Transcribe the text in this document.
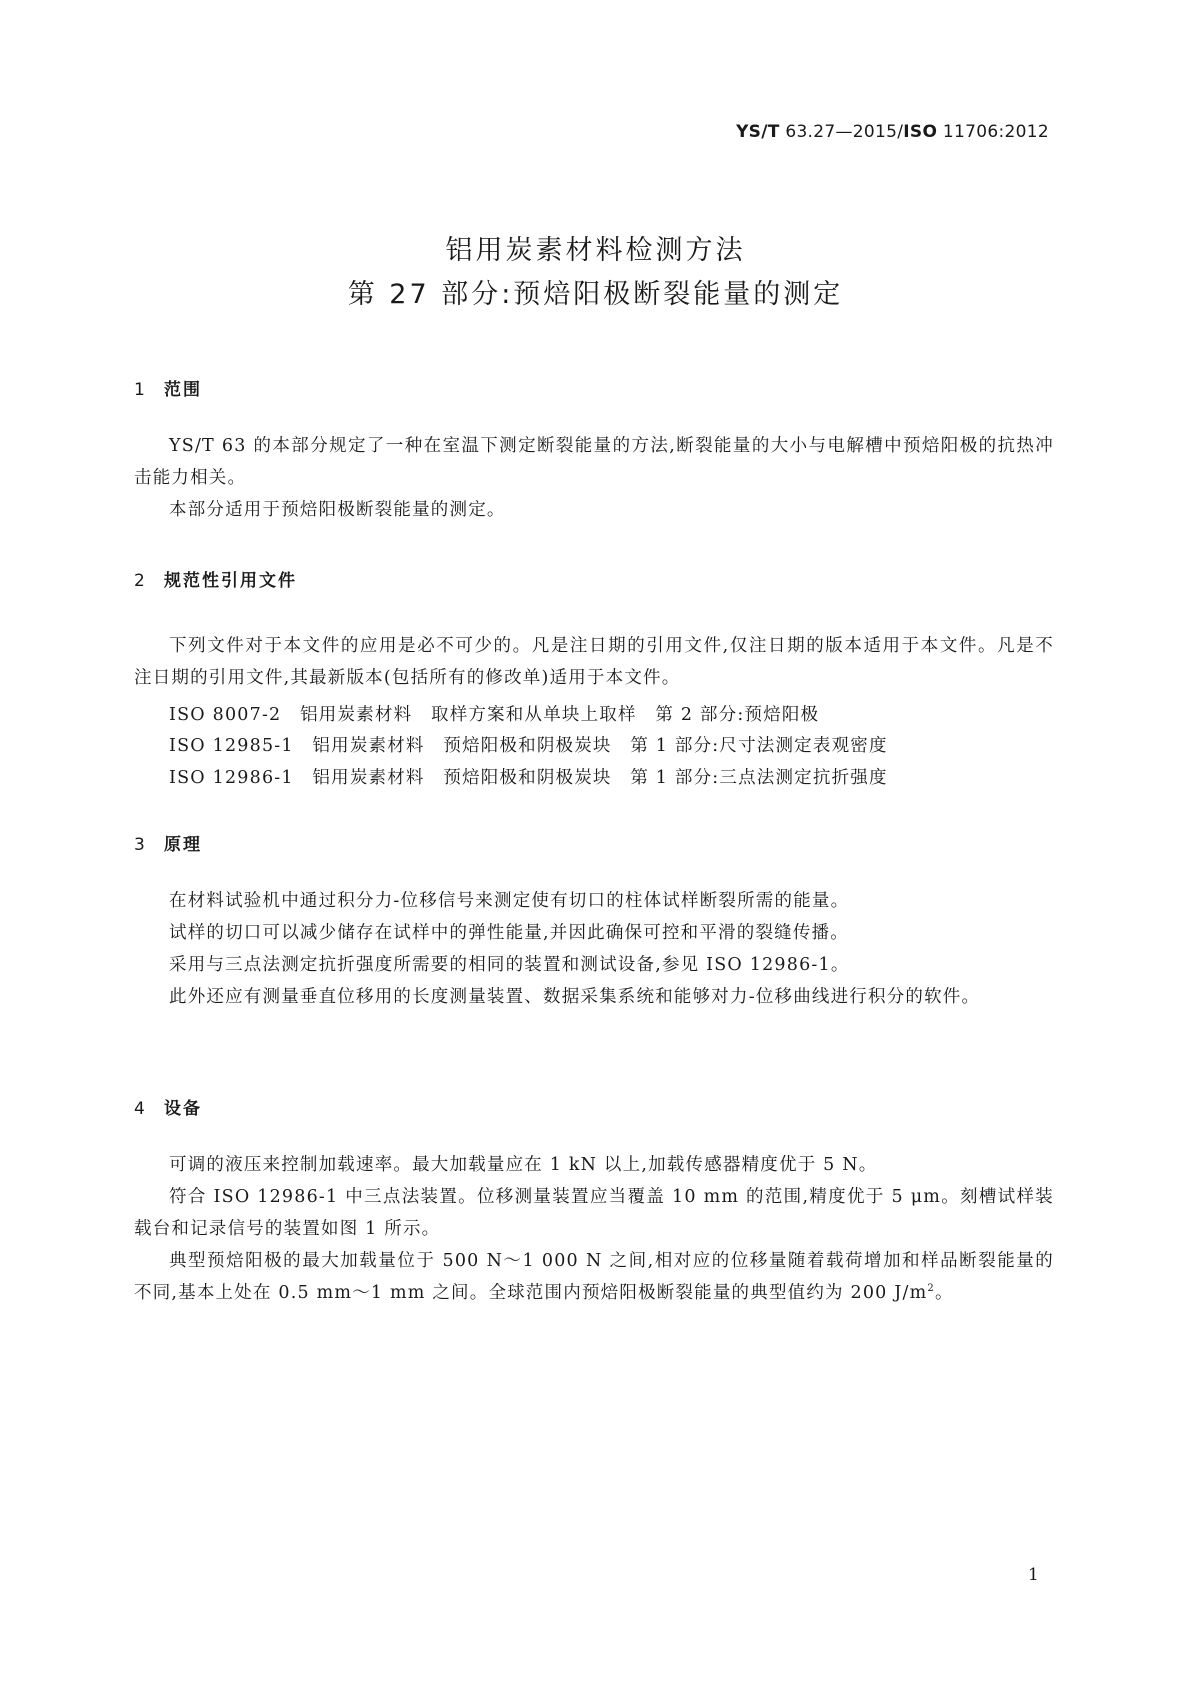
YS/T 63.27—2015/ISO 11706:2012
铝用炭素材料检测方法
第 27 部分:预焙阳极断裂能量的测定
1 范围
YS/T 63 的本部分规定了一种在室温下测定断裂能量的方法,断裂能量的大小与电解槽中预焙阳极的抗热冲击能力相关。
本部分适用于预焙阳极断裂能量的测定。
2 规范性引用文件
下列文件对于本文件的应用是必不可少的。凡是注日期的引用文件,仅注日期的版本适用于本文件。凡是不注日期的引用文件,其最新版本(包括所有的修改单)适用于本文件。
ISO 8007-2　铝用炭素材料　取样方案和从单块上取样　第 2 部分:预焙阳极
ISO 12985-1　铝用炭素材料　预焙阳极和阴极炭块　第 1 部分:尺寸法测定表观密度
ISO 12986-1　铝用炭素材料　预焙阳极和阴极炭块　第 1 部分:三点法测定抗折强度
3 原理
在材料试验机中通过积分力-位移信号来测定使有切口的柱体试样断裂所需的能量。
试样的切口可以减少储存在试样中的弹性能量,并因此确保可控和平滑的裂缝传播。
采用与三点法测定抗折强度所需要的相同的装置和测试设备,参见 ISO 12986-1。
此外还应有测量垂直位移用的长度测量装置、数据采集系统和能够对力-位移曲线进行积分的软件。
4 设备
可调的液压来控制加载速率。最大加载量应在 1 kN 以上,加载传感器精度优于 5 N。
符合 ISO 12986-1 中三点法装置。位移测量装置应当覆盖 10 mm 的范围,精度优于 5 μm。刻槽试样装载台和记录信号的装置如图 1 所示。
典型预焙阳极的最大加载量位于 500 N～1 000 N 之间,相对应的位移量随着载荷增加和样品断裂能量的不同,基本上处在 0.5 mm～1 mm 之间。全球范围内预焙阳极断裂能量的典型值约为 200 $J/m^2$。
1
